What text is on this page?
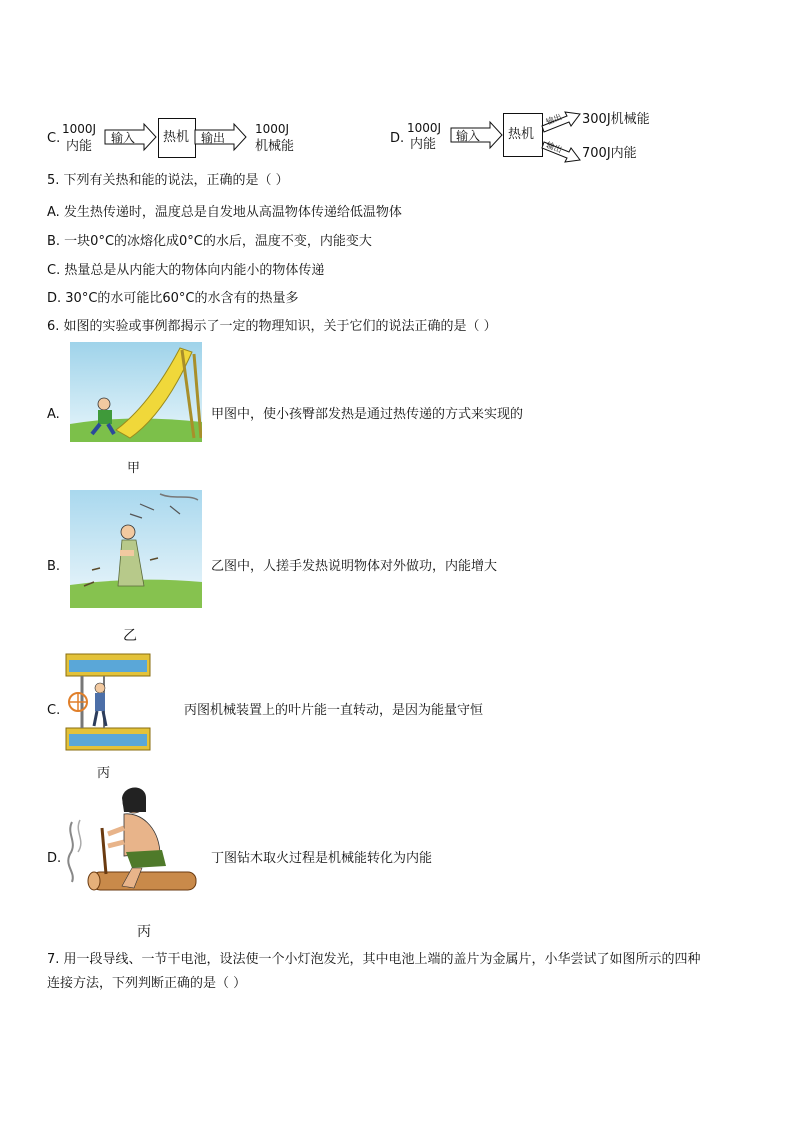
C.
1000J
内能
输入 热机 输出
1000J
机械能
D.
1000J
内能
输入 热机
输出
输出
300J机械能
700J内能
5. 下列有关热和能的说法，正确的是（ ）
A. 发生热传递时，温度总是自发地从高温物体传递给低温物体
B. 一块0°C的冰熔化成0°C的水后，温度不变，内能变大
C. 热量总是从内能大的物体向内能小的物体传递
D. 30°C的水可能比60°C的水含有的热量多
6. 如图的实验或事例都揭示了一定的物理知识，关于它们的说法正确的是（ ）
A.	甲图中，使小孩臀部发热是通过热传递的方式来实现的
甲
B.	乙图中，人搓手发热说明物体对外做功，内能增大
乙
C.	丙图机械装置上的叶片能一直转动，是因为能量守恒
丙
D.	丁图钻木取火过程是机械能转化为内能
丙
7. 用一段导线、一节干电池，设法使一个小灯泡发光，其中电池上端的盖片为金属片，小华尝试了如图所示的四种
连接方法，下列判断正确的是（ ）
